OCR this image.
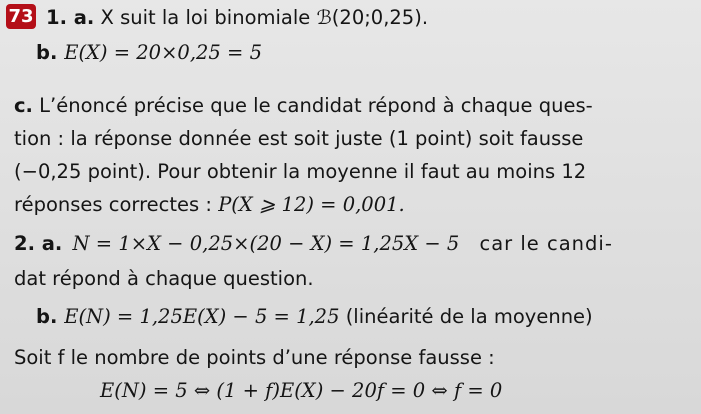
73 1. a. X suit la loi binomiale ℬ(20;0,25).
b. E(X) = 20×0,25 = 5
c. L’énoncé précise que le candidat répond à chaque ques-
tion : la réponse donnée est soit juste (1 point) soit fausse
(−0,25 point). Pour obtenir la moyenne il faut au moins 12
réponses correctes : P(X ⩾ 12) = 0,001.
2. a. N = 1×X − 0,25×(20 − X) = 1,25X − 5 car le candi-
dat répond à chaque question.
b. E(N) = 1,25E(X) − 5 = 1,25 (linéarité de la moyenne)
Soit f le nombre de points d’une réponse fausse :
E(N) = 5 ⇔ (1 + f)E(X) − 20f = 0 ⇔ f = 0
